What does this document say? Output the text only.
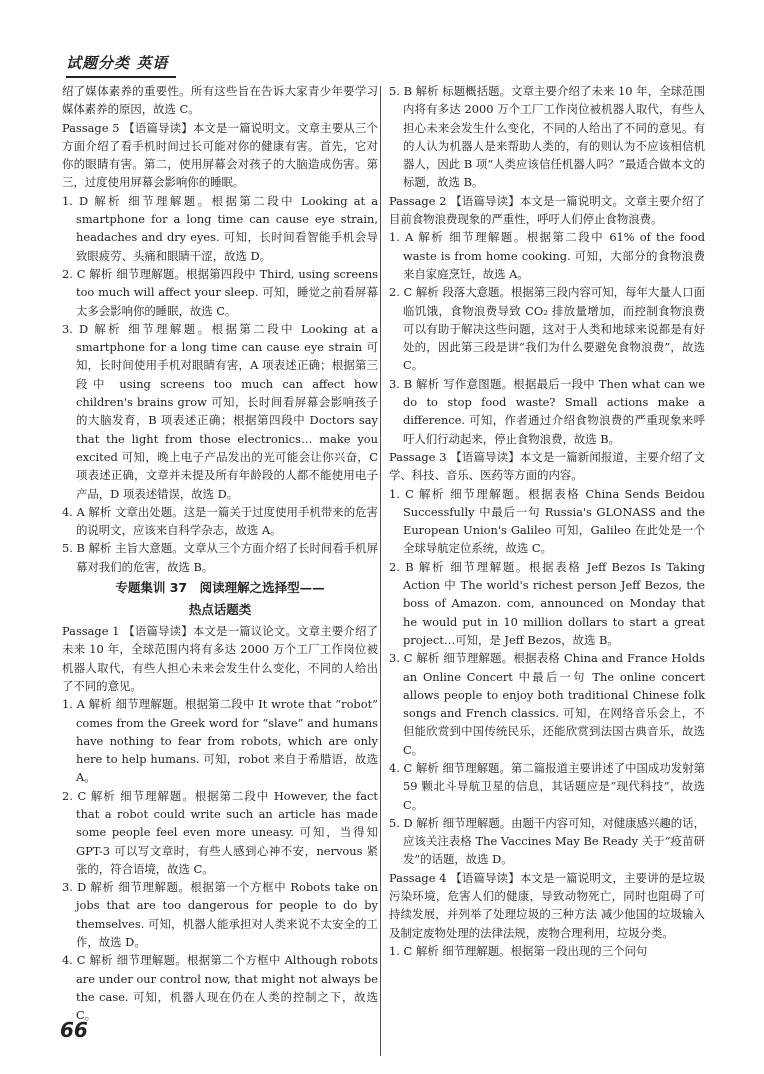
试题分类 英语

绍了媒体素养的重要性。所有这些旨在告诉大家青少年要学习媒体素养的原因，故选 C。

Passage 5 【语篇导读】本文是一篇说明文。文章主要从三个方面介绍了看手机时间过长可能对你的健康有害。首先，它对你的眼睛有害。第二，使用屏幕会对孩子的大脑造成伤害。第三，过度使用屏幕会影响你的睡眠。

1. D 解析 细节理解题。根据第二段中 Looking at a smartphone for a long time can cause eye strain, headaches and dry eyes. 可知，长时间看智能手机会导致眼疲劳、头痛和眼睛干涩，故选 D。

2. C 解析 细节理解题。根据第四段中 Third, using screens too much will affect your sleep. 可知，睡觉之前看屏幕太多会影响你的睡眠，故选 C。

3. D 解析 细节理解题。根据第二段中 Looking at a smartphone for a long time can cause eye strain 可知，长时间使用手机对眼睛有害，A 项表述正确；根据第三段中 using screens too much can affect how children's brains grow 可知，长时间看屏幕会影响孩子的大脑发育，B 项表述正确；根据第四段中 Doctors say that the light from those electronics… make you excited 可知，晚上电子产品发出的光可能会让你兴奋，C 项表述正确，文章并未提及所有年龄段的人都不能使用电子产品，D 项表述错误，故选 D。

4. A 解析 文章出处题。这是一篇关于过度使用手机带来的危害的说明文，应该来自科学杂志，故选 A。

5. B 解析 主旨大意题。文章从三个方面介绍了长时间看手机屏幕对我们的危害，故选 B。

专题集训 37　阅读理解之选择型——

热点话题类

Passage 1 【语篇导读】本文是一篇议论文。文章主要介绍了未来 10 年，全球范围内将有多达 2000 万个工厂工作岗位被机器人取代，有些人担心未来会发生什么变化，不同的人给出了不同的意见。

1. A 解析 细节理解题。根据第二段中 It wrote that “robot” comes from the Greek word for “slave” and humans have nothing to fear from robots, which are only here to help humans. 可知，robot 来自于希腊语，故选 A。

2. C 解析 细节理解题。根据第二段中 However, the fact that a robot could write such an article has made some people feel even more uneasy. 可知，当得知 GPT-3 可以写文章时，有些人感到心神不安，nervous 紧张的，符合语境，故选 C。

3. D 解析 细节理解题。根据第一个方框中 Robots take on jobs that are too dangerous for people to do by themselves. 可知，机器人能承担对人类来说不太安全的工作，故选 D。

4. C 解析 细节理解题。根据第二个方框中 Although robots are under our control now, that might not always be the case. 可知，机器人现在仍在人类的控制之下，故选 C。

5. B 解析 标题概括题。文章主要介绍了未来 10 年，全球范围内将有多达 2000 万个工厂工作岗位被机器人取代，有些人担心未来会发生什么变化，不同的人给出了不同的意见。有的人认为机器人是来帮助人类的，有的则认为不应该相信机器人，因此 B 项“人类应该信任机器人吗？”最适合做本文的标题，故选 B。

Passage 2 【语篇导读】本文是一篇说明文。文章主要介绍了目前食物浪费现象的严重性，呼吁人们停止食物浪费。

1. A 解析 细节理解题。根据第二段中 61% of the food waste is from home cooking. 可知，大部分的食物浪费来自家庭烹饪，故选 A。

2. C 解析 段落大意题。根据第三段内容可知，每年大量人口面临饥饿，食物浪费导致 CO₂ 排放量增加，而控制食物浪费可以有助于解决这些问题，这对于人类和地球来说都是有好处的，因此第三段是讲“我们为什么要避免食物浪费”，故选 C。

3. B 解析 写作意图题。根据最后一段中 Then what can we do to stop food waste? Small actions make a difference. 可知，作者通过介绍食物浪费的严重现象来呼吁人们行动起来，停止食物浪费，故选 B。

Passage 3 【语篇导读】本文是一篇新闻报道，主要介绍了文学、科技、音乐、医药等方面的内容。

1. C 解析 细节理解题。根据表格 China Sends Beidou Successfully 中最后一句 Russia's GLONASS and the European Union's Galileo 可知，Galileo 在此处是一个全球导航定位系统，故选 C。

2. B 解析 细节理解题。根据表格 Jeff Bezos Is Taking Action 中 The world's richest person Jeff Bezos, the boss of Amazon. com, announced on Monday that he would put in 10 million dollars to start a great project…可知，是 Jeff Bezos，故选 B。

3. C 解析 细节理解题。根据表格 China and France Holds an Online Concert 中最后一句 The online concert allows people to enjoy both traditional Chinese folk songs and French classics. 可知，在网络音乐会上，不但能欣赏到中国传统民乐，还能欣赏到法国古典音乐，故选 C。

4. C 解析 细节理解题。第二篇报道主要讲述了中国成功发射第 59 颗北斗导航卫星的信息，其话题应是“现代科技”，故选 C。

5. D 解析 细节理解题。由题干内容可知，对健康感兴趣的话，应该关注表格 The Vaccines May Be Ready 关于“疫苗研发”的话题，故选 D。

Passage 4 【语篇导读】本文是一篇说明文，主要讲的是垃圾污染环境，危害人们的健康，导致动物死亡，同时也阻碍了可持续发展，并列举了处理垃圾的三种方法 减少他国的垃圾输入及制定废物处理的法律法规，废物合理利用，垃圾分类。

1. C 解析 细节理解题。根据第一段出现的三个问句

66
